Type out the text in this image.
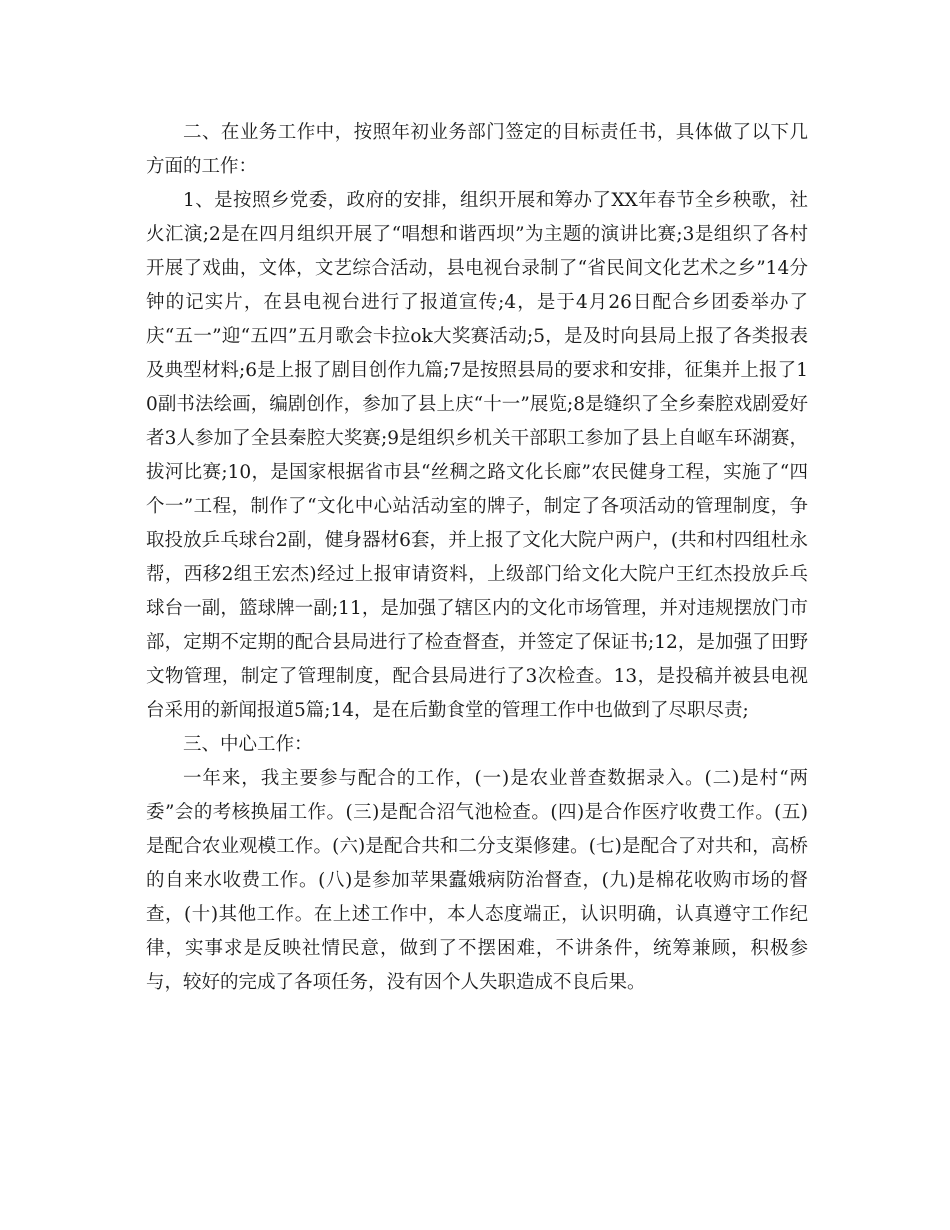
二、在业务工作中，按照年初业务部门签定的目标责任书，具体做了以下几方面的工作：

1、是按照乡党委，政府的安排，组织开展和筹办了XX年春节全乡秧歌，社火汇演;2是在四月组织开展了“唱想和谐西坝”为主题的演讲比赛;3是组织了各村开展了戏曲，文体，文艺综合活动，县电视台录制了“省民间文化艺术之乡”14分钟的记实片，在县电视台进行了报道宣传;4，是于4月26日配合乡团委举办了庆“五一”迎“五四”五月歌会卡拉ok大奖赛活动;5，是及时向县局上报了各类报表及典型材料;6是上报了剧目创作九篇;7是按照县局的要求和安排，征集并上报了10副书法绘画，编剧创作，参加了县上庆“十一”展览;8是缝织了全乡秦腔戏剧爱好者3人参加了全县秦腔大奖赛;9是组织乡机关干部职工参加了县上自岖车环湖赛，拔河比赛;10，是国家根据省市县“丝稠之路文化长廊”农民健身工程，实施了“四个一”工程，制作了“文化中心站活动室的牌子，制定了各项活动的管理制度，争取投放乒乓球台2副，健身器材6套，并上报了文化大院户两户，(共和村四组杜永帮，西移2组王宏杰)经过上报审请资料，上级部门给文化大院户王红杰投放乒乓球台一副，篮球牌一副;11，是加强了辖区内的文化市场管理，并对违规摆放门市部，定期不定期的配合县局进行了检查督查，并签定了保证书;12，是加强了田野文物管理，制定了管理制度，配合县局进行了3次检查。13，是投稿并被县电视台采用的新闻报道5篇;14，是在后勤食堂的管理工作中也做到了尽职尽责;

三、中心工作：

一年来，我主要参与配合的工作，(一)是农业普查数据录入。(二)是村“两委”会的考核换届工作。(三)是配合沼气池检查。(四)是合作医疗收费工作。(五)是配合农业观模工作。(六)是配合共和二分支渠修建。(七)是配合了对共和，高桥的自来水收费工作。(八)是参加苹果蠹娥病防治督查，(九)是棉花收购市场的督查，(十)其他工作。在上述工作中，本人态度端正，认识明确，认真遵守工作纪律，实事求是反映社情民意，做到了不摆困难，不讲条件，统筹兼顾，积极参与，较好的完成了各项任务，没有因个人失职造成不良后果。
